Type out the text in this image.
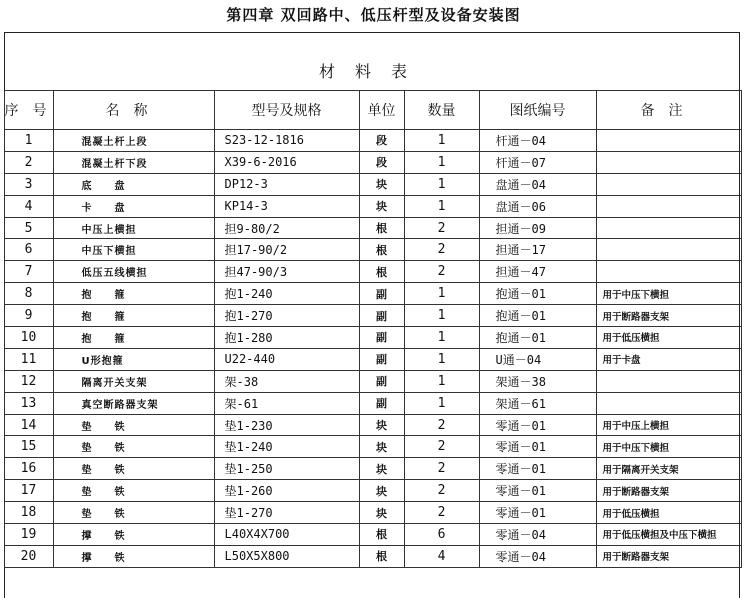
第四章 双回路中、低压杆型及设备安装图
材料表
序号	名称	型号及规格	单位	数量	图纸编号	备注
1	混凝土杆上段	S23-12-1816	段	1	杆通－04	
2	混凝土杆下段	X39-6-2016	段	1	杆通－07	
3	底　　盘	DP12-3	块	1	盘通－04	
4	卡　　盘	KP14-3	块	1	盘通－06	
5	中压上横担	担9-80/2	根	2	担通－09	
6	中压下横担	担17-90/2	根	2	担通－17	
7	低压五线横担	担47-90/3	根	2	担通－47	
8	抱　　箍	抱1-240	副	1	抱通－01	用于中压下横担
9	抱　　箍	抱1-270	副	1	抱通－01	用于断路器支架
10	抱　　箍	抱1-280	副	1	抱通－01	用于低压横担
11	U形抱箍	U22-440	副	1	U通－04	用于卡盘
12	隔离开关支架	架-38	副	1	架通－38	
13	真空断路器支架	架-61	副	1	架通－61	
14	垫　　铁	垫1-230	块	2	零通－01	用于中压上横担
15	垫　　铁	垫1-240	块	2	零通－01	用于中压下横担
16	垫　　铁	垫1-250	块	2	零通－01	用于隔离开关支架
17	垫　　铁	垫1-260	块	2	零通－01	用于断路器支架
18	垫　　铁	垫1-270	块	2	零通－01	用于低压横担
19	撑　　铁	L40X4X700	根	6	零通－04	用于低压横担及中压下横担
20	撑　　铁	L50X5X800	根	4	零通－04	用于断路器支架
